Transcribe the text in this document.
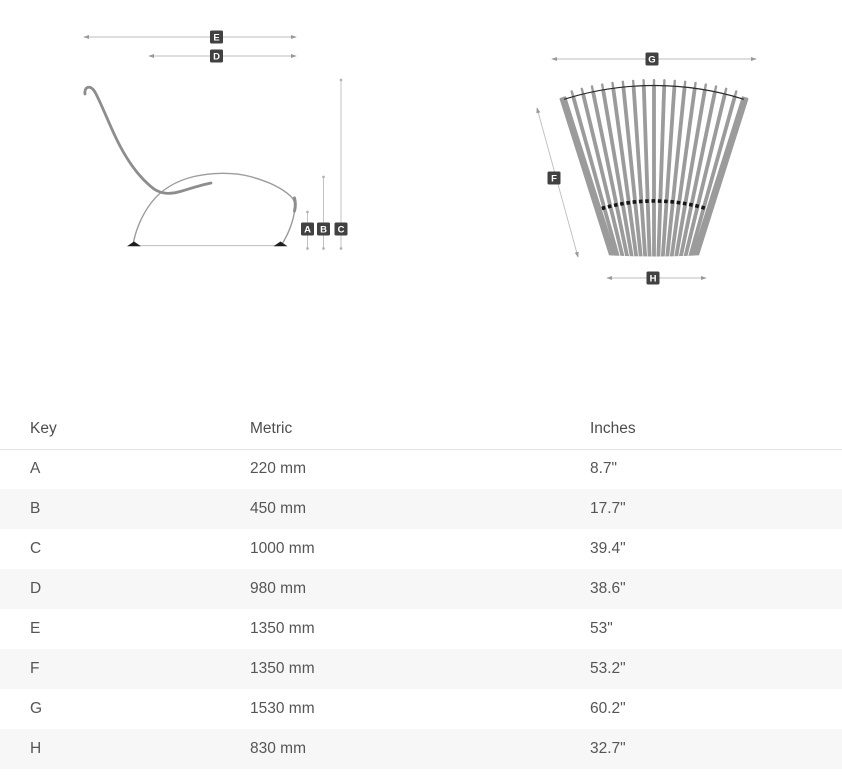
E
D
A B C
G
F
H
Key	Metric	Inches
A	220 mm	8.7"
B	450 mm	17.7"
C	1000 mm	39.4"
D	980 mm	38.6"
E	1350 mm	53"
F	1350 mm	53.2"
G	1530 mm	60.2"
H	830 mm	32.7"
